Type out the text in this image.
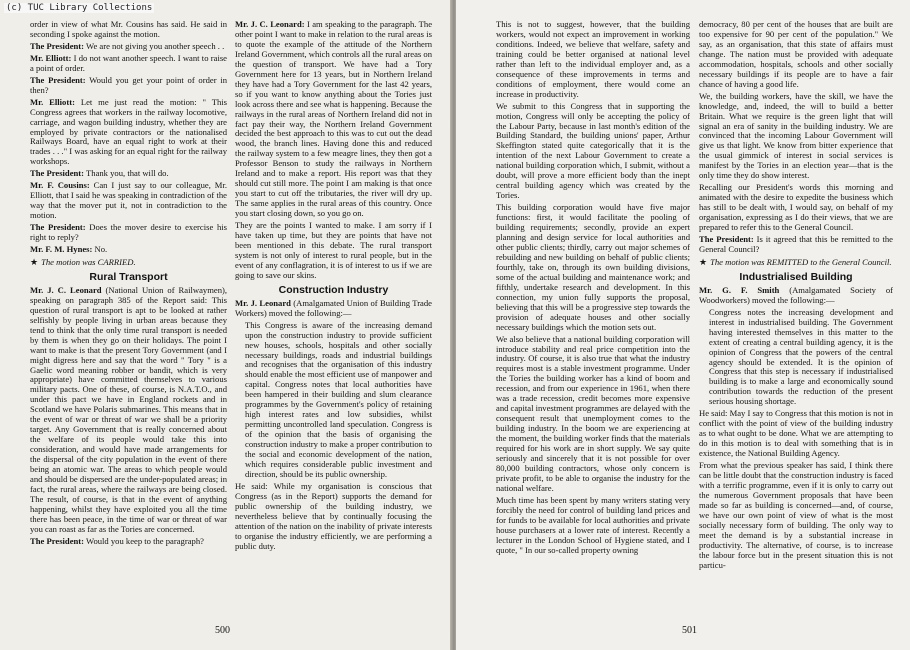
(c) TUC Library Collections

order in view of what Mr. Cousins has said. He said in seconding I spoke against the motion.

The President: We are not giving you another speech . .

Mr. Elliott: I do not want another speech. I want to raise a point of order.

The President: Would you get your point of order in then?

Mr. Elliott: Let me just read the motion: " This Congress agrees that workers in the railway locomotive, carriage, and wagon building industry, whether they are employed by private contractors or the nationalised Railways Board, have an equal right to work at their trades . . ." I was asking for an equal right for the railway workshops.

The President: Thank you, that will do.

Mr. F. Cousins: Can I just say to our colleague, Mr. Elliott, that I said he was speaking in contradiction of the way that the mover put it, not in contradiction to the motion.

The President: Does the mover desire to exercise his right to reply?

Mr. F. M. Hynes: No.

★ The motion was CARRIED.

Rural Transport

Mr. J. C. Leonard (National Union of Railwaymen), speaking on paragraph 385 of the Report said: This question of rural transport is apt to be looked at rather selfishly by people living in urban areas because they tend to think that the only time rural transport is needed by them is when they go on their holidays. The point I want to make is that the present Tory Government (and I might digress here and say that the word " Tory " is a Gaelic word meaning robber or bandit, which is very appropriate) have committed themselves to various military pacts. One of these, of course, is N.A.T.O., and under this pact we have in England rockets and in Scotland we have Polaris submarines. This means that in the event of war or threat of war we shall be a priority target. Any Government that is really concerned about the welfare of its people would take this into consideration, and would have made arrangements for the dispersal of the city population in the event of there being an atomic war. The areas to which people would and should be dispersed are the under-populated areas; in fact, the rural areas, where the railways are being closed. The result, of course, is that in the event of anything happening, whilst they have exploited you all the time there has been peace, in the time of war or threat of war you can roast as far as the Tories are concerned.

The President: Would you keep to the paragraph?

Mr. J. C. Leonard: I am speaking to the paragraph. The other point I want to make in relation to the rural areas is to quote the example of the attitude of the Northern Ireland Government, which controls all the rural areas on the question of transport. We have had a Tory Government here for 13 years, but in Northern Ireland they have had a Tory Government for the last 42 years, so if you want to know anything about the Tories just look across there and see what is happening. Because the railways in the rural areas of Northern Ireland did not in fact pay their way, the Northern Ireland Government decided the best approach to this was to cut out the dead wood, the branch lines. Having done this and reduced the railway system to a few meagre lines, they then got a Professor Benson to study the railways in Northern Ireland and to make a report. His report was that they should cut still more. The point I am making is that once you start to cut off the tributaries, the river will dry up. The same applies in the rural areas of this country. Once you start closing down, so you go on.

They are the points I wanted to make. I am sorry if I have taken up time, but they are points that have not been mentioned in this debate. The rural transport system is not only of interest to rural people, but in the event of any conflagration, it is of interest to us if we are going to save our skins.

Construction Industry

Mr. J. Leonard (Amalgamated Union of Building Trade Workers) moved the following:—

This Congress is aware of the increasing demand upon the construction industry to provide sufficient new houses, schools, hospitals and other socially necessary buildings, roads and industrial buildings and recognises that the organisation of this industry should enable the most efficient use of manpower and capital. Congress notes that local authorities have been hampered in their building and slum clearance programmes by the Government's policy of retaining high interest rates and low subsidies, whilst permitting uncontrolled land speculation. Congress is of the opinion that the basis of organising the construction industry to make a proper contribution to the social and economic development of the nation, which requires considerable public investment and direction, should be its public ownership.

He said: While my organisation is conscious that Congress (as in the Report) supports the demand for public ownership of the building industry, we nevertheless believe that by continually focusing the attention of the nation on the inability of private interests to organise the industry efficiently, we are performing a public duty.

500

This is not to suggest, however, that the building workers, would not expect an improvement in working conditions. Indeed, we believe that welfare, safety and training could be better organised at national level rather than left to the individual employer and, as a consequence of these improvements in terms and conditions of employment, there would come an increase in productivity.

We submit to this Congress that in supporting the motion, Congress will only be accepting the policy of the Labour Party, because in last month's edition of the Building Standard, the building unions' paper, Arthur Skeffington stated quite categorically that it is the intention of the next Labour Government to create a national building corporation which, I submit, without a doubt, will prove a more efficient body than the inept central building agency which was created by the Tories.

This building corporation would have five major functions: first, it would facilitate the pooling of building requirements; secondly, provide an expert planning and design service for local authorities and other public clients; thirdly, carry out major schemes of rebuilding and new building on behalf of public clients; fourthly, take on, through its own building divisions, some of the actual building and maintenance work; and fifthly, undertake research and development. In this connection, my union fully supports the proposal, believing that this will be a progressive step towards the provision of adequate houses and other socially necessary buildings which the motion sets out.

We also believe that a national building corporation will introduce stability and real price competition into the industry. Of course, it is also true that what the industry requires most is a stable investment programme. Under the Tories the building worker has a kind of boom and recession, and from our experience in 1961, when there was a trade recession, credit becomes more expensive and capital investment programmes are delayed with the consequent result that unemployment comes to the building industry. In the boom we are experiencing at the moment, the building worker finds that the materials required for his work are in short supply. We say quite seriously and sincerely that it is not possible for over 80,000 building contractors, whose only concern is private profit, to be able to organise the industry for the national welfare.

Much time has been spent by many writers stating very forcibly the need for control of building land prices and for funds to be available for local authorities and private house purchasers at a lower rate of interest. Recently a lecturer in the London School of Hygiene stated, and I quote, " In our so-called property owning

democracy, 80 per cent of the houses that are built are too expensive for 90 per cent of the population." We say, as an organisation, that this state of affairs must change. The nation must be provided with adequate accommodation, hospitals, schools and other socially necessary buildings if its people are to have a fair chance of having a good life.

We, the building workers, have the skill, we have the knowledge, and, indeed, the will to build a better Britain. What we require is the green light that will signal an era of sanity in the building industry. We are convinced that the incoming Labour Government will give us that light. We know from bitter experience that the usual gimmick of interest in social services is manifest by the Tories in an election year—that is the only time they do show interest.

Recalling our President's words this morning and animated with the desire to expedite the business which has still to be dealt with, I would say, on behalf of my organisation, expressing as I do their views, that we are prepared to refer this to the General Council.

The President: Is it agreed that this be remitted to the General Council?

★ The motion was REMITTED to the General Council.

Industrialised Building

Mr. G. F. Smith (Amalgamated Society of Woodworkers) moved the following:—

Congress notes the increasing development and interest in industrialised building. The Government having interested themselves in this matter to the extent of creating a central building agency, it is the opinion of Congress that the powers of the central agency should be extended. It is the opinion of Congress that this step is necessary if industrialised building is to make a large and economically sound contribution towards the reduction of the present serious housing shortage.

He said: May I say to Congress that this motion is not in conflict with the point of view of the building industry as to what ought to be done. What we are attempting to do in this motion is to deal with something that is in existence, the National Building Agency.

From what the previous speaker has said, I think there can be little doubt that the construction industry is faced with a terrific programme, even if it is only to carry out the numerous Government proposals that have been made so far as building is concerned—and, of course, we have our own point of view of what is the most socially necessary form of building. The only way to meet the demand is by a substantial increase in productivity. The alternative, of course, is to increase the labour force but in the present situation this is not particu-

501
